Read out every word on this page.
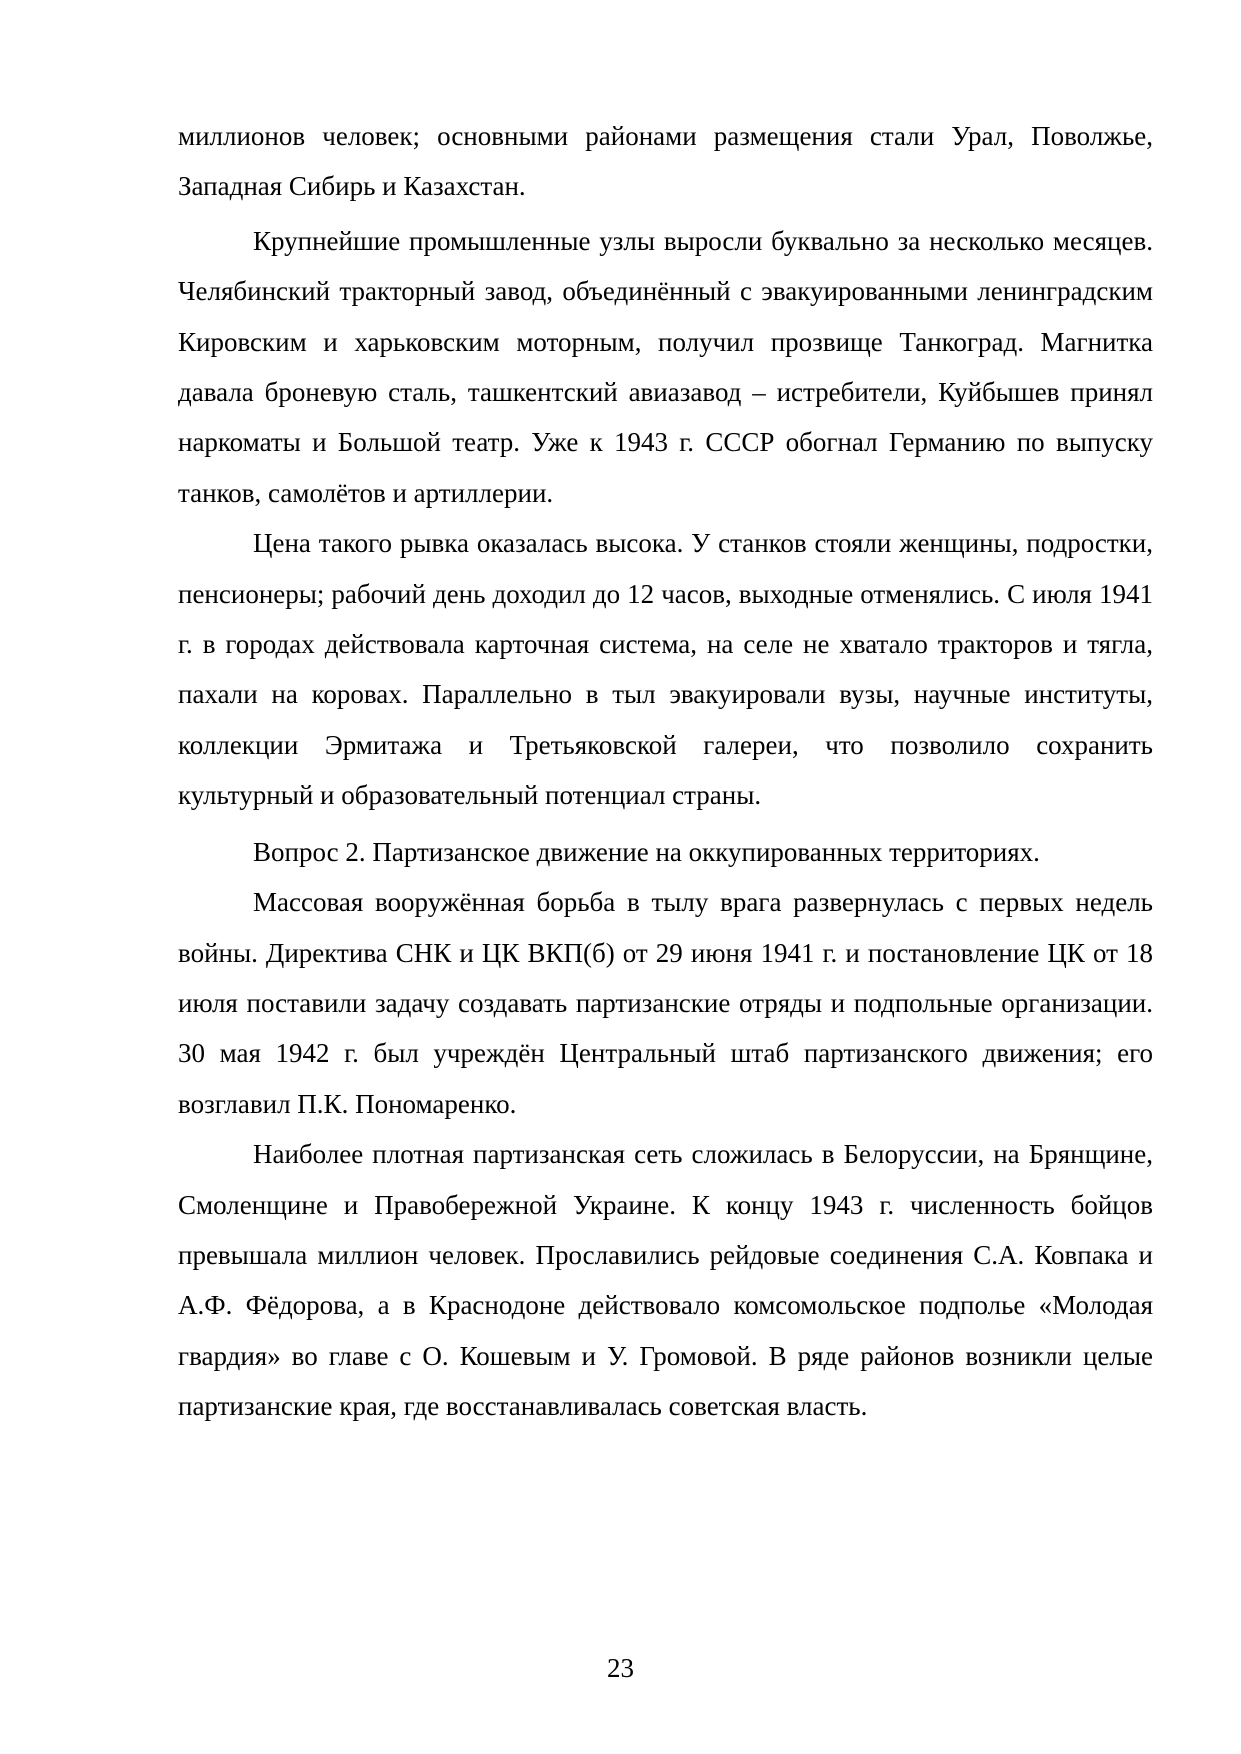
миллионов человек; основными районами размещения стали Урал, Поволжье, Западная Сибирь и Казахстан.

Крупнейшие промышленные узлы выросли буквально за несколько месяцев. Челябинский тракторный завод, объединённый с эвакуированными ленинградским Кировским и харьковским моторным, получил прозвище Танкоград. Магнитка давала броневую сталь, ташкентский авиазавод – истребители, Куйбышев принял наркоматы и Большой театр. Уже к 1943 г. СССР обогнал Германию по выпуску танков, самолётов и артиллерии.

Цена такого рывка оказалась высока. У станков стояли женщины, подростки, пенсионеры; рабочий день доходил до 12 часов, выходные отменялись. С июля 1941 г. в городах действовала карточная система, на селе не хватало тракторов и тягла, пахали на коровах. Параллельно в тыл эвакуировали вузы, научные институты, коллекции Эрмитажа и Третьяковской галереи, что позволило сохранить культурный и образовательный потенциал страны.

Вопрос 2. Партизанское движение на оккупированных территориях.

Массовая вооружённая борьба в тылу врага развернулась с первых недель войны. Директива СНК и ЦК ВКП(б) от 29 июня 1941 г. и постановление ЦК от 18 июля поставили задачу создавать партизанские отряды и подпольные организации. 30 мая 1942 г. был учреждён Центральный штаб партизанского движения; его возглавил П.К. Пономаренко.

Наиболее плотная партизанская сеть сложилась в Белоруссии, на Брянщине, Смоленщине и Правобережной Украине. К концу 1943 г. численность бойцов превышала миллион человек. Прославились рейдовые соединения С.А. Ковпака и А.Ф. Фёдорова, а в Краснодоне действовало комсомольское подполье «Молодая гвардия» во главе с О. Кошевым и У. Громовой. В ряде районов возникли целые партизанские края, где восстанавливалась советская власть.

23
